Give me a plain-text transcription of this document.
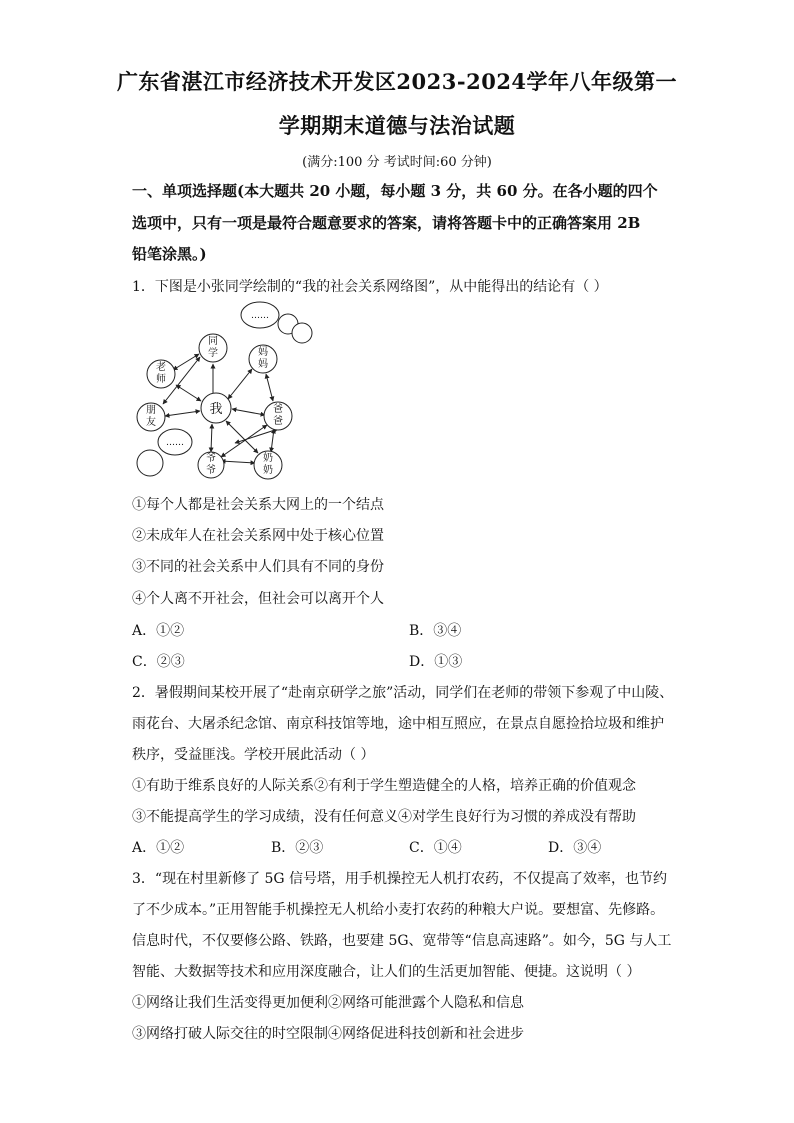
广东省湛江市经济技术开发区2023-2024学年八年级第一
学期期末道德与法治试题
(满分:100 分 考试时间:60 分钟)
一、单项选择题(本大题共 20 小题，每小题 3 分，共 60 分。在各小题的四个
选项中，只有一项是最符合题意要求的答案，请将答题卡中的正确答案用 2B
铅笔涂黑。)
1．下图是小张同学绘制的“我的社会关系网络图”，从中能得出的结论有（ ）
同
学
老
师
朋
友
妈
妈
爸
爸
爷
爷
奶
奶
我
……
……
①每个人都是社会关系大网上的一个结点
②未成年人在社会关系网中处于核心位置
③不同的社会关系中人们具有不同的身份
④个人离不开社会，但社会可以离开个人
A．①②	B．③④
C．②③	D．①③
2．暑假期间某校开展了“赴南京研学之旅”活动，同学们在老师的带领下参观了中山陵、
雨花台、大屠杀纪念馆、南京科技馆等地，途中相互照应，在景点自愿捡拾垃圾和维护
秩序，受益匪浅。学校开展此活动（ ）
①有助于维系良好的人际关系②有利于学生塑造健全的人格，培养正确的价值观念
③不能提高学生的学习成绩，没有任何意义④对学生良好行为习惯的养成没有帮助
A．①②	B．②③	C．①④	D．③④
3．“现在村里新修了 5G 信号塔，用手机操控无人机打农药，不仅提高了效率，也节约
了不少成本。”正用智能手机操控无人机给小麦打农药的种粮大户说。要想富、先修路。
信息时代，不仅要修公路、铁路，也要建 5G、宽带等“信息高速路”。如今，5G 与人工
智能、大数据等技术和应用深度融合，让人们的生活更加智能、便捷。这说明（ ）
①网络让我们生活变得更加便利②网络可能泄露个人隐私和信息
③网络打破人际交往的时空限制④网络促进科技创新和社会进步
